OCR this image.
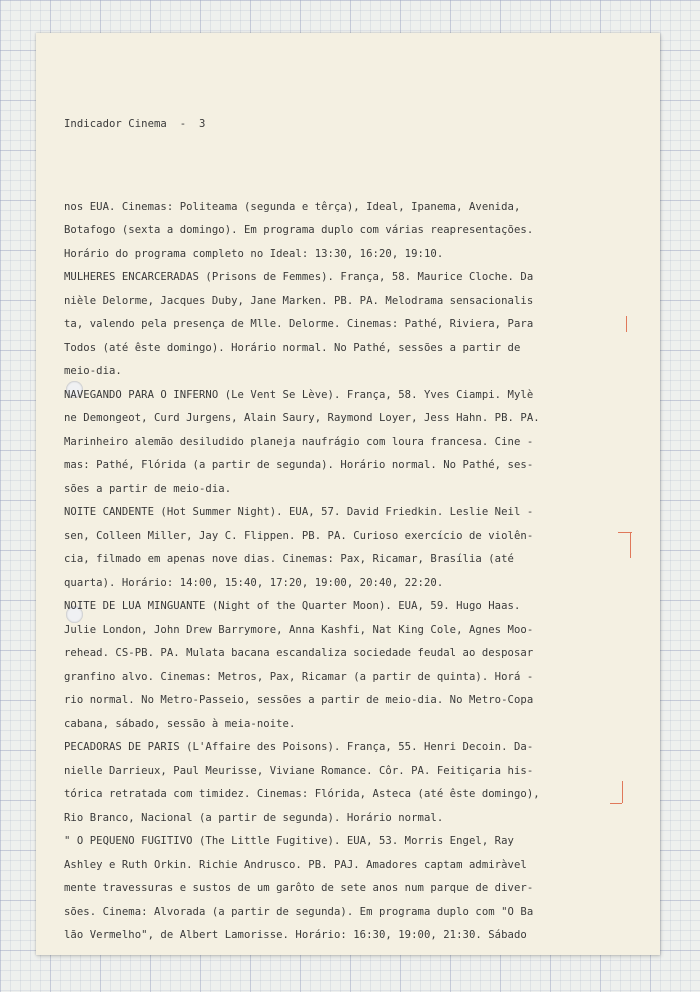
Indicador Cinema  -  3

nos EUA. Cinemas: Politeama (segunda e têrça), Ideal, Ipanema, Avenida,
Botafogo (sexta a domingo). Em programa duplo com várias reapresentações.
Horário do programa completo no Ideal: 13:30, 16:20, 19:10.
MULHERES ENCARCERADAS (Prisons de Femmes). França, 58. Maurice Cloche. Da
nièle Delorme, Jacques Duby, Jane Marken. PB. PA. Melodrama sensacionalis
ta, valendo pela presença de Mlle. Delorme. Cinemas: Pathé, Riviera, Para
Todos (até êste domingo). Horário normal. No Pathé, sessões a partir de
meio-dia.
NAVEGANDO PARA O INFERNO (Le Vent Se Lève). França, 58. Yves Ciampi. Mylè
ne Demongeot, Curd Jurgens, Alain Saury, Raymond Loyer, Jess Hahn. PB. PA.
Marinheiro alemão desiludido planeja naufrágio com loura francesa. Cine -
mas: Pathé, Flórida (a partir de segunda). Horário normal. No Pathé, ses-
sões a partir de meio-dia.
NOITE CANDENTE (Hot Summer Night). EUA, 57. David Friedkin. Leslie Neil -
sen, Colleen Miller, Jay C. Flippen. PB. PA. Curioso exercício de violên-
cia, filmado em apenas nove dias. Cinemas: Pax, Ricamar, Brasília (até
quarta). Horário: 14:00, 15:40, 17:20, 19:00, 20:40, 22:20.
NOITE DE LUA MINGUANTE (Night of the Quarter Moon). EUA, 59. Hugo Haas.
Julie London, John Drew Barrymore, Anna Kashfi, Nat King Cole, Agnes Moo-
rehead. CS-PB. PA. Mulata bacana escandaliza sociedade feudal ao desposar
granfino alvo. Cinemas: Metros, Pax, Ricamar (a partir de quinta). Horá -
rio normal. No Metro-Passeio, sessões a partir de meio-dia. No Metro-Copa
cabana, sábado, sessão à meia-noite.
PECADORAS DE PARIS (L'Affaire des Poisons). França, 55. Henri Decoin. Da-
nielle Darrieux, Paul Meurisse, Viviane Romance. Côr. PA. Feitiçaria his-
tórica retratada com timidez. Cinemas: Flórida, Asteca (até êste domingo),
Rio Branco, Nacional (a partir de segunda). Horário normal.
" O PEQUENO FUGITIVO (The Little Fugitive). EUA, 53. Morris Engel, Ray
Ashley e Ruth Orkin. Richie Andrusco. PB. PAJ. Amadores captam admiràvel
mente travessuras e sustos de um garôto de sete anos num parque de diver-
sões. Cinema: Alvorada (a partir de segunda). Em programa duplo com "O Ba
lão Vermelho", de Albert Lamorisse. Horário: 16:30, 19:00, 21:30. Sábado
